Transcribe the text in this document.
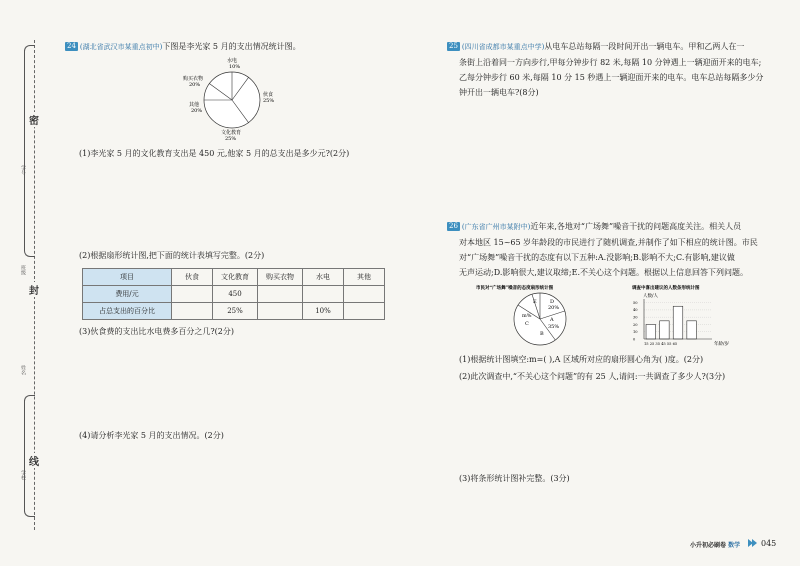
密
封
线
学号
班级
姓名
学校
24 (湖北省武汉市某重点初中)下图是李光家 5 月的支出情况统计图。
水电
10%
伙食
25%
文化教育
25%
其他
20%
购买衣物
20%
(1)李光家 5 月的文化教育支出是 450 元,他家 5 月的总支出是多少元?(2分)
(2)根据扇形统计图,把下面的统计表填写完整。(2分)
项目	伙食	文化教育	购买衣物	水电	其他
费用/元		450			
占总支出的百分比		25%		10%	
(3)伙食费的支出比水电费多百分之几?(2分)
(4)请分析李光家 5 月的支出情况。(2分)
25 (四川省成都市某重点中学)从电车总站每隔一段时间开出一辆电车。甲和乙两人在一
条街上沿着同一方向步行,甲每分钟步行 82 米,每隔 10 分钟遇上一辆迎面开来的电车;
乙每分钟步行 60 米,每隔 10 分 15 秒遇上一辆迎面开来的电车。电车总站每隔多少分
钟开出一辆电车?(8分)
26 (广东省广州市某附中)近年来,各地对“广场舞”噪音干扰的问题高度关注。相关人员
对本地区 15~65 岁年龄段的市民进行了随机调查,并制作了如下相应的统计图。市民
对“广场舞”噪音干扰的态度有以下五种:A.没影响;B.影响不大;C.有影响,建议做
无声运动;D.影响很大,建议取缔;E.不关心这个问题。根据以上信息回答下列问题。
市民对“广场舞”噪音的态度扇形统计图
D
20%
E
m%
C
A
35%
B
调查中喜出建议的人数条形统计图
人数/人
年龄/岁
50
40
30
20
10
0
15 25 35 45 55 65
(1)根据统计图填空:m=( ),A 区域所对应的扇形圆心角为( )度。(2分)
(2)此次调查中,“不关心这个问题”的有 25 人,请问:一共调查了多少人?(3分)
(3)将条形统计图补完整。(3分)
小升初必刷卷 数学	045
